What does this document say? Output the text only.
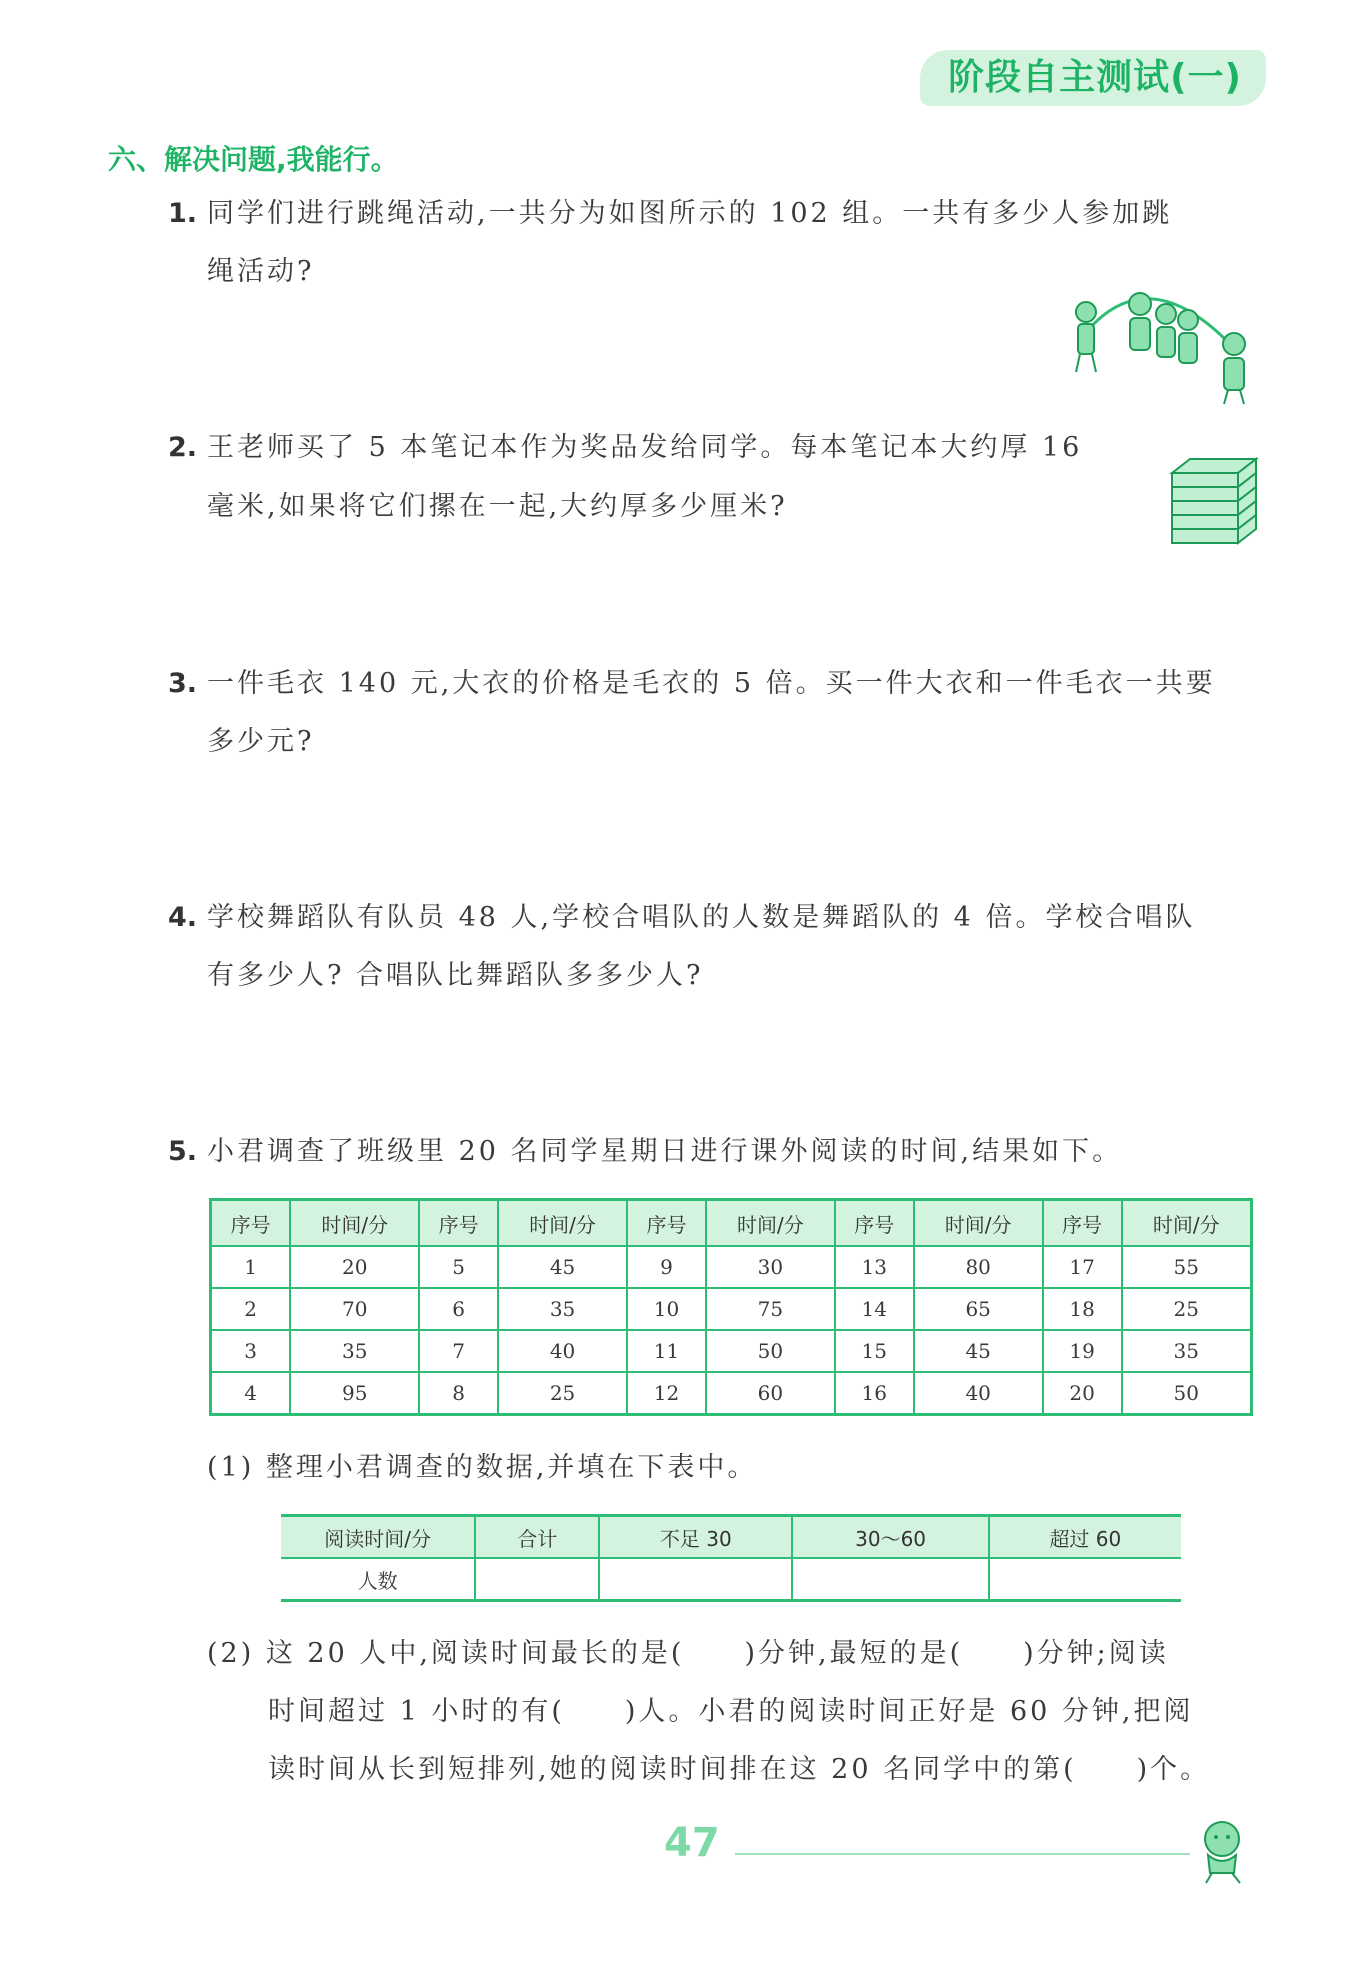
阶段自主测试(一)
六、解决问题,我能行。
1. 同学们进行跳绳活动,一共分为如图所示的 102 组。一共有多少人参加跳
绳活动?
2. 王老师买了 5 本笔记本作为奖品发给同学。每本笔记本大约厚 16
毫米,如果将它们摞在一起,大约厚多少厘米?
3. 一件毛衣 140 元,大衣的价格是毛衣的 5 倍。买一件大衣和一件毛衣一共要
多少元?
4. 学校舞蹈队有队员 48 人,学校合唱队的人数是舞蹈队的 4 倍。学校合唱队
有多少人? 合唱队比舞蹈队多多少人?
5. 小君调查了班级里 20 名同学星期日进行课外阅读的时间,结果如下。
序号	时间/分	序号	时间/分	序号	时间/分	序号	时间/分	序号	时间/分
1	20	5	45	9	30	13	80	17	55
2	70	6	35	10	75	14	65	18	25
3	35	7	40	11	50	15	45	19	35
4	95	8	25	12	60	16	40	20	50
(1) 整理小君调查的数据,并填在下表中。
阅读时间/分	合计	不足 30	30～60	超过 60
人数				
(2) 这 20 人中,阅读时间最长的是(　　)分钟,最短的是(　　)分钟;阅读
时间超过 1 小时的有(　　)人。小君的阅读时间正好是 60 分钟,把阅
读时间从长到短排列,她的阅读时间排在这 20 名同学中的第(　　)个。
47
